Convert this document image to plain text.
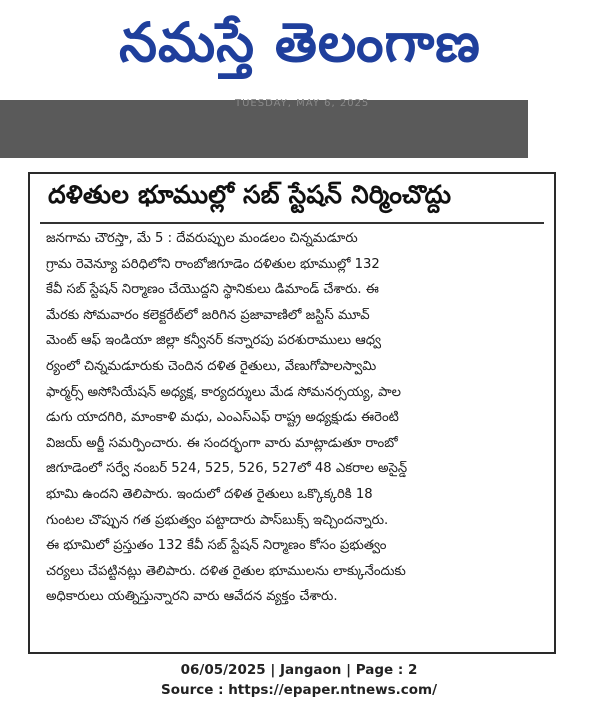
నమస్తే తెలంగాణ
TUESDAY, MAY 6, 2025
దళితుల భూముల్లో సబ్ స్టేషన్ నిర్మించొద్దు
జనగామ చౌరస్తా, మే 5 : దేవరుప్పుల మండలం చిన్నమడూరు
గ్రామ రెవెన్యూ పరిధిలోని రాంబోజిగూడెం దళితుల భూముల్లో 132
కేవీ సబ్ స్టేషన్ నిర్మాణం చేయొద్దని స్థానికులు డిమాండ్ చేశారు. ఈ
మేరకు సోమవారం కలెక్టరేట్‌లో జరిగిన ప్రజావాణిలో జస్టిస్ మూవ్
మెంట్ ఆఫ్ ఇండియా జిల్లా కన్వీనర్ కన్నారపు పరశురాములు ఆధ్వ
ర్యంలో చిన్నమడూరుకు చెందిన దళిత రైతులు, వేణుగోపాలస్వామి
ఫార్మర్స్ అసోసియేషన్ అధ్యక్ష, కార్యదర్శులు మేడ సోమనర్సయ్య, పాల
డుగు యాదగిరి, మాంకాళి మధు, ఎంఎస్ఎఫ్ రాష్ట్ర అధ్యక్షుడు ఈరెంటి
విజయ్ అర్జీ సమర్పించారు. ఈ సందర్భంగా వారు మాట్లాడుతూ రాంబో
జిగూడెంలో సర్వే నంబర్ 524, 525, 526, 527లో 48 ఎకరాల అసైన్డ్
భూమి ఉందని తెలిపారు. ఇందులో దళిత రైతులు ఒక్కొక్కరికి 18
గుంటల చొప్పున గత ప్రభుత్వం పట్టాదారు పాస్‌బుక్స్ ఇచ్చిందన్నారు.
ఈ భూమిలో ప్రస్తుతం 132 కేవీ సబ్ స్టేషన్ నిర్మాణం కోసం ప్రభుత్వం
చర్యలు చేపట్టినట్లు తెలిపారు. దళిత రైతుల భూములను లాక్కునేందుకు
అధికారులు యత్నిస్తున్నారని వారు ఆవేదన వ్యక్తం చేశారు.
06/05/2025 | Jangaon | Page : 2
Source : https://epaper.ntnews.com/
